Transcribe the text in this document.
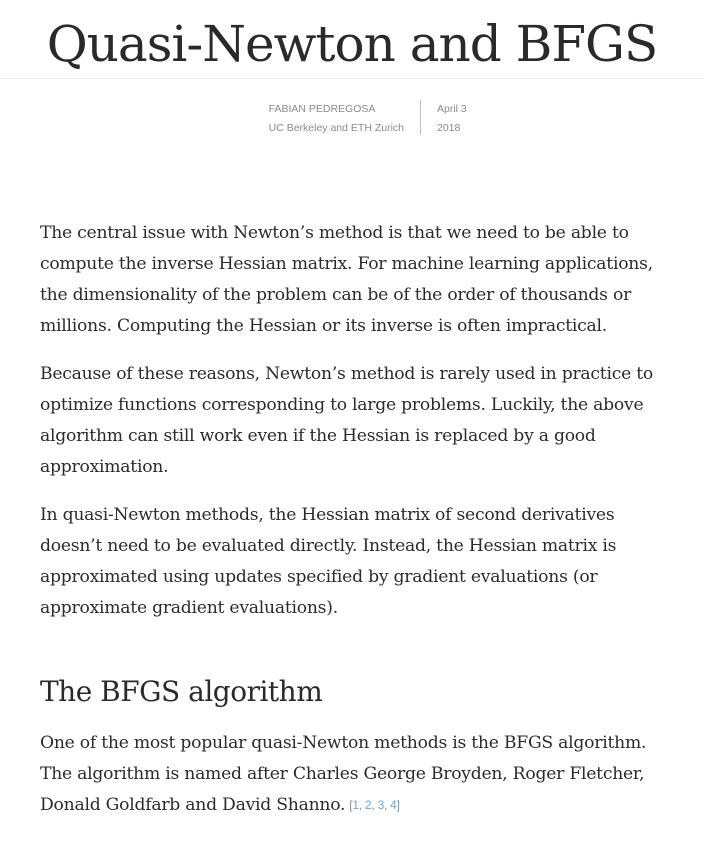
Quasi-Newton and BFGS
FABIAN PEDREGOSA
UC Berkeley and ETH Zurich
April 3
2018

The central issue with Newton’s method is that we need to be able to compute the inverse Hessian matrix. For machine learning applications, the dimensionality of the problem can be of the order of thousands or millions. Computing the Hessian or its inverse is often impractical.

Because of these reasons, Newton’s method is rarely used in practice to optimize functions corresponding to large problems. Luckily, the above algorithm can still work even if the Hessian is replaced by a good approximation.

In quasi-Newton methods, the Hessian matrix of second derivatives doesn’t need to be evaluated directly. Instead, the Hessian matrix is approximated using updates specified by gradient evaluations (or approximate gradient evaluations).

The BFGS algorithm

One of the most popular quasi-Newton methods is the BFGS algorithm. The algorithm is named after Charles George Broyden, Roger Fletcher, Donald Goldfarb and David Shanno. [1, 2, 3, 4]
